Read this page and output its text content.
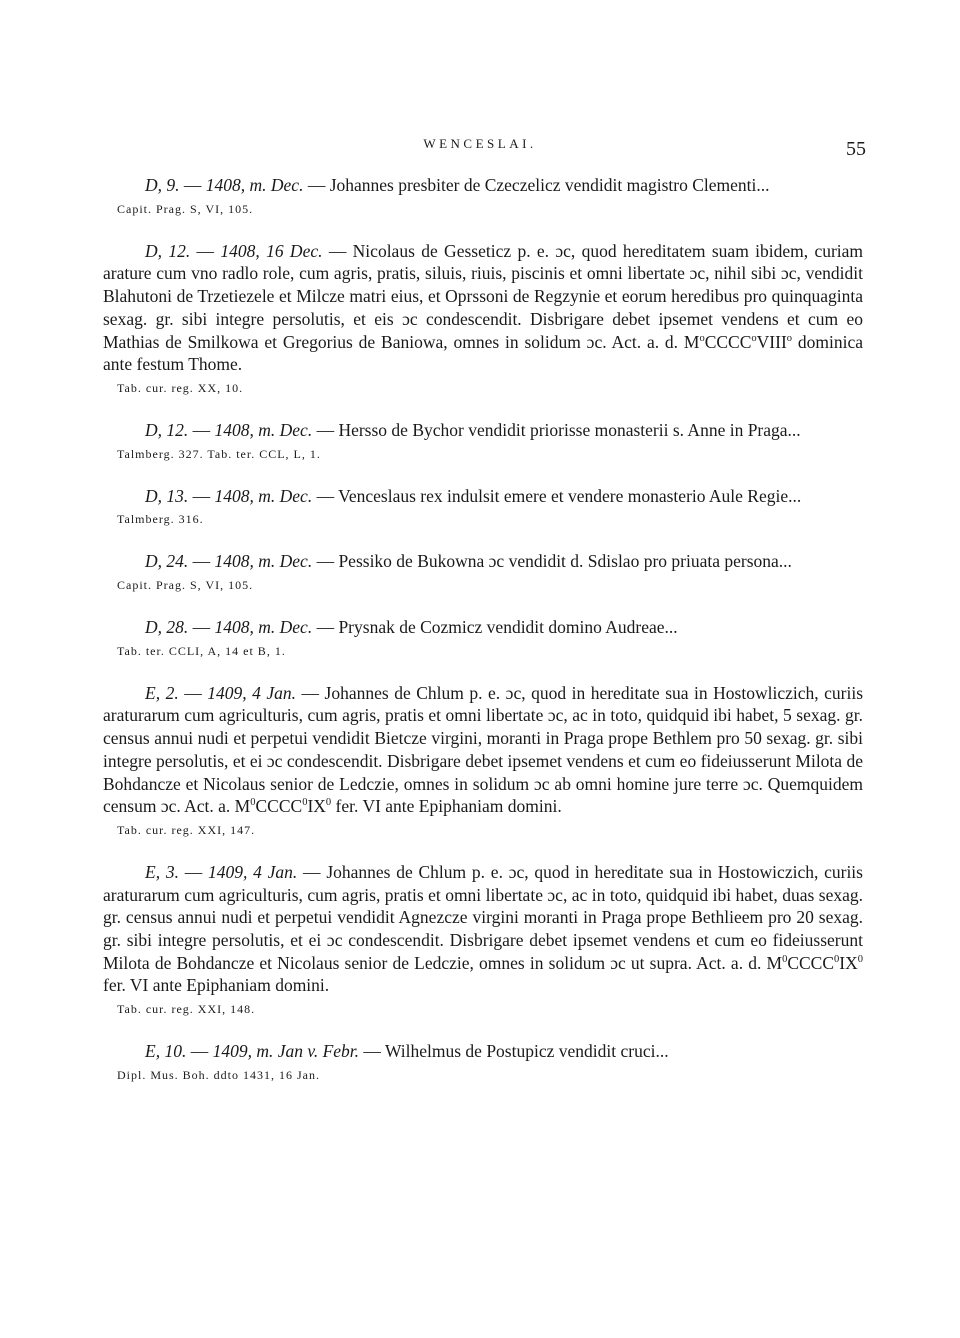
WENCESLAI.	55

D, 9. — 1408, m. Dec. — Johannes presbiter de Czeczelicz vendidit magistro Clementi...

Capit. Prag. S, VI, 105.

D, 12. — 1408, 16 Dec. — Nicolaus de Gesseticz p. e. ɔc, quod hereditatem suam ibidem, curiam arature cum vno radlo role, cum agris, pratis, siluis, riuis, piscinis et omni libertate ɔc, nihil sibi ɔc, vendidit Blahutoni de Trzetiezele et Milcze matri eius, et Oprssoni de Regzynie et eorum heredibus pro quinquaginta sexag. gr. sibi integre persolutis, et eis ɔc condescendit. Disbrigare debet ipsemet vendens et cum eo Mathias de Smilkowa et Gregorius de Baniowa, omnes in solidum ɔc. Act. a. d. $M^oCCCC^oVIII^o$ dominica ante festum Thome.

Tab. cur. reg. XX, 10.

D, 12. — 1408, m. Dec. — Hersso de Bychor vendidit priorisse monasterii s. Anne in Praga...

Talmberg. 327. Tab. ter. CCL, L, 1.

D, 13. — 1408, m. Dec. — Venceslaus rex indulsit emere et vendere monasterio Aule Regie...

Talmberg. 316.

D, 24. — 1408, m. Dec. — Pessiko de Bukowna ɔc vendidit d. Sdislao pro priuata persona...

Capit. Prag. S, VI, 105.

D, 28. — 1408, m. Dec. — Prysnak de Cozmicz vendidit domino Audreae...

Tab. ter. CCLI, A, 14 et B, 1.

E, 2. — 1409, 4 Jan. — Johannes de Chlum p. e. ɔc, quod in hereditate sua in Hostowliczich, curiis araturarum cum agriculturis, cum agris, pratis et omni libertate ɔc, ac in toto, quidquid ibi habet, 5 sexag. gr. census annui nudi et perpetui vendidit Bietcze virgini, moranti in Praga prope Bethlem pro 50 sexag. gr. sibi integre persolutis, et ei ɔc condescendit. Disbrigare debet ipsemet vendens et cum eo fideiusserunt Milota de Bohdancze et Nicolaus senior de Ledczie, omnes in solidum ɔc ab omni homine jure terre ɔc. Quemquidem censum ɔc. Act. a. $M^0CCCC^0IX^0$ fer. VI ante Epiphaniam domini.

Tab. cur. reg. XXI, 147.

E, 3. — 1409, 4 Jan. — Johannes de Chlum p. e. ɔc, quod in hereditate sua in Hostowiczich, curiis araturarum cum agriculturis, cum agris, pratis et omni libertate ɔc, ac in toto, quidquid ibi habet, duas sexag. gr. census annui nudi et perpetui vendidit Agnezcze virgini moranti in Praga prope Bethlieem pro 20 sexag. gr. sibi integre persolutis, et ei ɔc condescendit. Disbrigare debet ipsemet vendens et cum eo fideiusserunt Milota de Bohdancze et Nicolaus senior de Ledczie, omnes in solidum ɔc ut supra. Act. a. d. $M^0CCCC^0IX^0$ fer. VI ante Epiphaniam domini.

Tab. cur. reg. XXI, 148.

E, 10. — 1409, m. Jan v. Febr. — Wilhelmus de Postupicz vendidit cruci...

Dipl. Mus. Boh. ddto 1431, 16 Jan.
